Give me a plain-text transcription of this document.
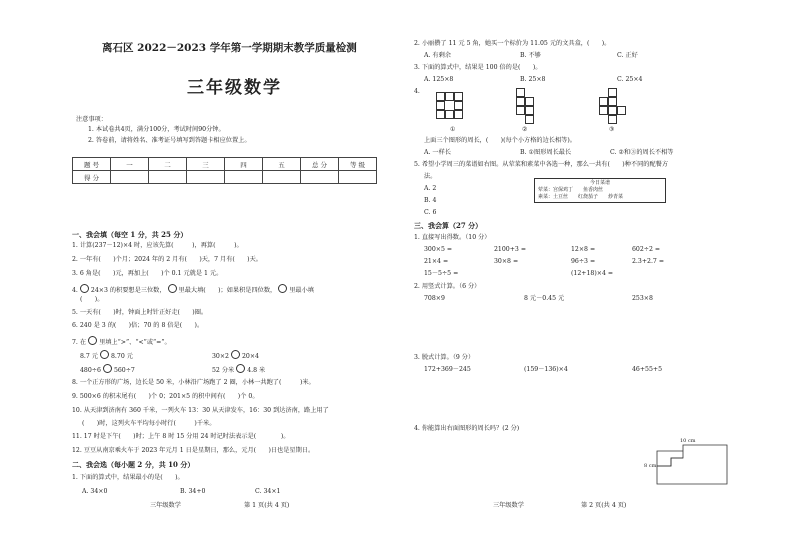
离石区 2022－2023 学年第一学期期末教学质量检测
三年级数学
注意事项：
1. 本试卷共4页，满分100分，考试时间90分钟。
2. 答卷前，请将姓名、准考证号填写到答题卡相应位置上。
题 号	一	二	三	四	五	总 分	等 级
得 分							
一、我会填（每空 1 分，共 25 分）
1. 计算(237－12)×4 时，应该先算(　　　)，再算(　　　)。
2. 一年有(　　)个月；2024 年的 2 月有(　　)天，7 月有(　　)天。
3. 6 角是(　　)元，再加上(　　)个 0.1 元就是 1 元。
4. 24×3 的积要想是三位数， 里最大填(　　)；如果积是四位数， 里最小填
(　　)。
5. 一天有(　　)时，钟面上时针正好走(　　)圈。
6. 240 是 3 的(　　)倍；70 的 8 倍是(　　)。
7. 在 里填上“>”、“<”或“=”。
8.7 元 8.70 元	30×2 20×4
480÷6 560÷7	52 分米 4.8 米
8. 一个正方形的广场，边长是 50 米，小林沿广场跑了 2 圈，小林一共跑了(　　　)米。
9. 500×6 的积末尾有(　　)个 0；201×5 的积中间有(　　)个 0。
10. 从天津到济南有 360 千米，一列火车 13：30 从天津发车，16：30 到达济南，路上用了
(　　)时，这列火车平均每小时行(　　　)千米。
11. 17 时是下午(　　)时；上午 8 时 15 分用 24 时记时法表示是(　　　　)。
12. 豆豆从南京乘火车于 2023 年元月 1 日是星期日，那么，元月(　　)日也是星期日。
二、我会选（每小题 2 分，共 10 分）
1. 下面的算式中，结果最小的是(　　)。
A. 34×0	B. 34+0	C. 34×1
三年级数学	第 1 页(共 4 页)
2. 小丽攒了 11 元 5 角，她买一个标价为 11.05 元的文具盒，(　　)。
A. 有剩余	B. 不够	C. 正好
3. 下面的算式中，结果是 100 倍的是(　　)。
A. 125×8	B. 25×8	C. 25×4
4.
①	②	③
上面三个图形的周长，(　　)(每个小方格的边长相等)。
A. 一样长	B. ①图形周长最长	C. ②和③的周长不相等
5. 希望小学周三的菜谱如右图。从荤菜和素菜中各选一种，那么一共有(　　)种不同的配餐方
法。
今日菜谱
荤菜：宫保鸡丁　　鱼香肉丝
素菜：土豆丝　　红烧茄子　　炒青菜
A. 2
B. 4
C. 6
三、我会算（27 分）
1. 直接写出得数。（10 分）
300×5 =	2100+3 =	12×8 =	602÷2 =
21×4 =	30×8 =	96÷3 =	2.3+2.7 =
15－5÷5 =	(12+18)×4 =
2. 用竖式计算。（6 分）
708×9	8 元－0.45 元	253×8
3. 脱式计算。（9 分）
172+369－245	(159－136)×4	46+55+5
4. 你能算出右面图形的周长吗？(2 分)
10 cm
8 cm
三年级数学	第 2 页(共 4 页)
